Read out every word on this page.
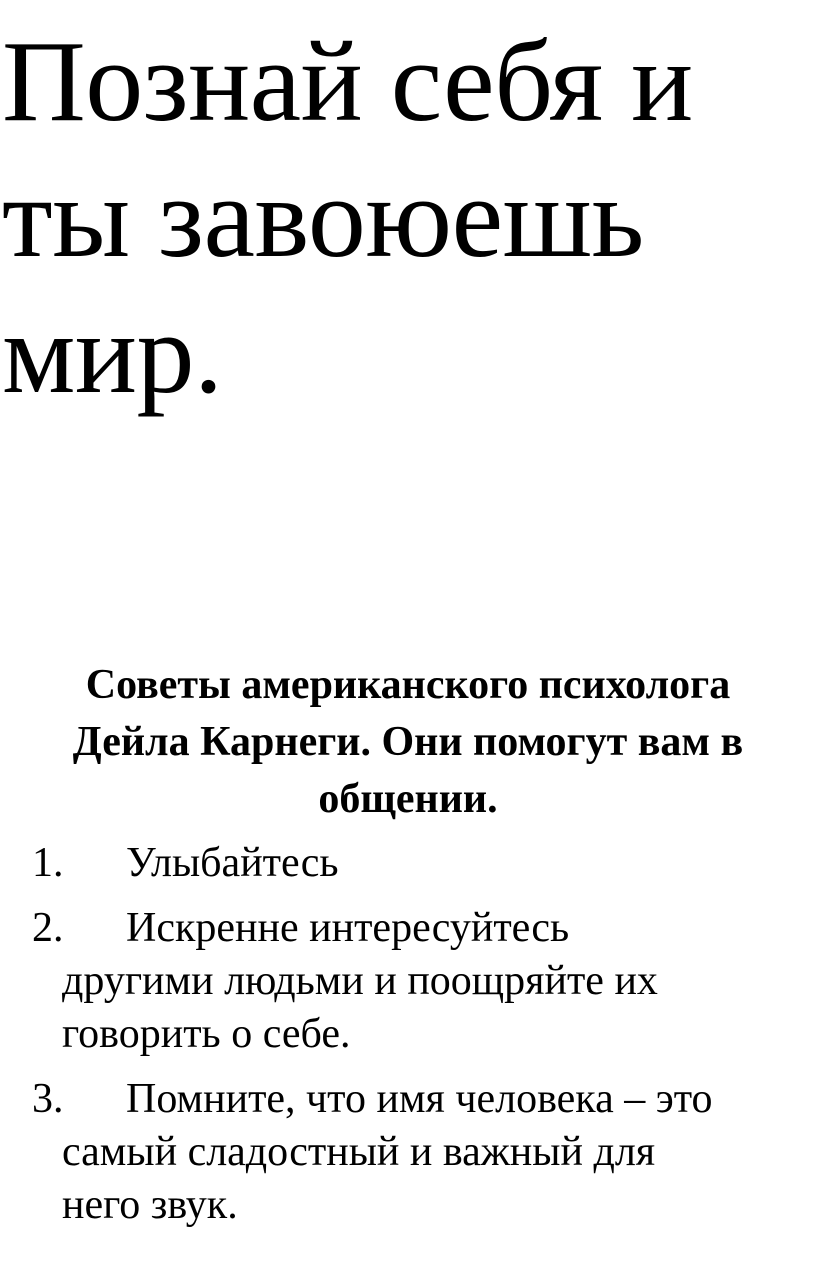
Познай себя и
ты завоюешь
мир.
Советы американского психолога
Дейла Карнеги. Они помогут вам в
общении.
1.	Улыбайтесь
2.	Искренне интересуйтесь
другими людьми и поощряйте их
говорить о себе.
3.	Помните, что имя человека – это
самый сладостный и важный для
него звук.
